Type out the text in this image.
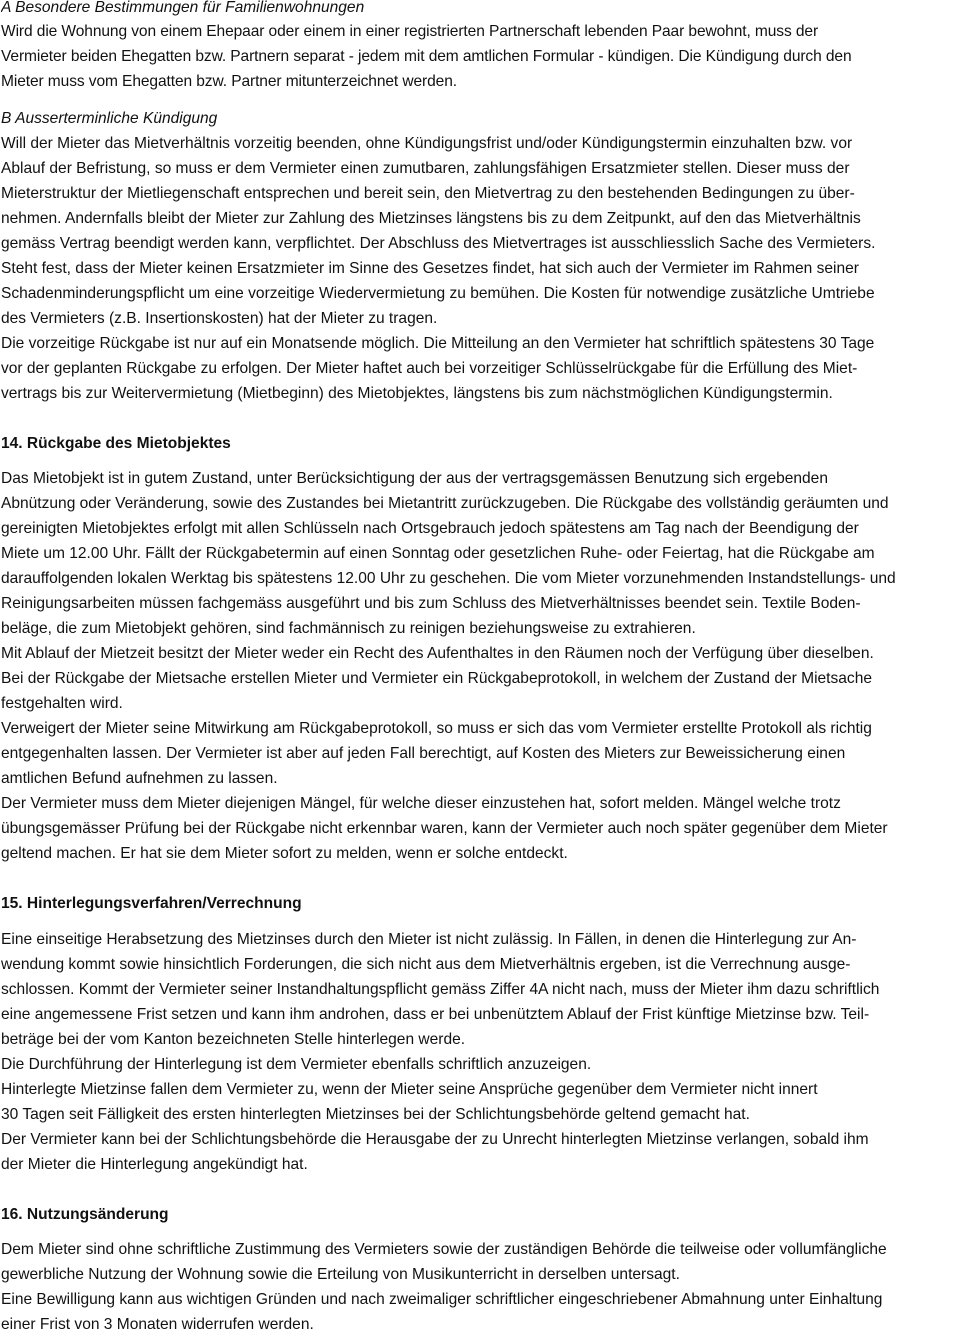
A Besondere Bestimmungen für Familienwohnungen
Wird die Wohnung von einem Ehepaar oder einem in einer registrierten Partnerschaft lebenden Paar bewohnt, muss der
Vermieter beiden Ehegatten bzw. Partnern separat - jedem mit dem amtlichen Formular - kündigen. Die Kündigung durch den
Mieter muss vom Ehegatten bzw. Partner mitunterzeichnet werden.
B Ausserterminliche Kündigung
Will der Mieter das Mietverhältnis vorzeitig beenden, ohne Kündigungsfrist und/oder Kündigungstermin einzuhalten bzw. vor
Ablauf der Befristung, so muss er dem Vermieter einen zumutbaren, zahlungsfähigen Ersatzmieter stellen. Dieser muss der
Mieterstruktur der Mietliegenschaft entsprechen und bereit sein, den Mietvertrag zu den bestehenden Bedingungen zu über-
nehmen. Andernfalls bleibt der Mieter zur Zahlung des Mietzinses längstens bis zu dem Zeitpunkt, auf den das Mietverhältnis
gemäss Vertrag beendigt werden kann, verpflichtet. Der Abschluss des Mietvertrages ist ausschliesslich Sache des Vermieters.
Steht fest, dass der Mieter keinen Ersatzmieter im Sinne des Gesetzes findet, hat sich auch der Vermieter im Rahmen seiner
Schadenminderungspflicht um eine vorzeitige Wiedervermietung zu bemühen. Die Kosten für notwendige zusätzliche Umtriebe
des Vermieters (z.B. Insertionskosten) hat der Mieter zu tragen.
Die vorzeitige Rückgabe ist nur auf ein Monatsende möglich. Die Mitteilung an den Vermieter hat schriftlich spätestens 30 Tage
vor der geplanten Rückgabe zu erfolgen. Der Mieter haftet auch bei vorzeitiger Schlüsselrückgabe für die Erfüllung des Miet-
vertrags bis zur Weitervermietung (Mietbeginn) des Mietobjektes, längstens bis zum nächstmöglichen Kündigungstermin.
14. Rückgabe des Mietobjektes
Das Mietobjekt ist in gutem Zustand, unter Berücksichtigung der aus der vertragsgemässen Benutzung sich ergebenden
Abnützung oder Veränderung, sowie des Zustandes bei Mietantritt zurückzugeben. Die Rückgabe des vollständig geräumten und
gereinigten Mietobjektes erfolgt mit allen Schlüsseln nach Ortsgebrauch jedoch spätestens am Tag nach der Beendigung der
Miete um 12.00 Uhr. Fällt der Rückgabetermin auf einen Sonntag oder gesetzlichen Ruhe- oder Feiertag, hat die Rückgabe am
darauffolgenden lokalen Werktag bis spätestens 12.00 Uhr zu geschehen. Die vom Mieter vorzunehmenden Instandstellungs- und
Reinigungsarbeiten müssen fachgemäss ausgeführt und bis zum Schluss des Mietverhältnisses beendet sein. Textile Boden-
beläge, die zum Mietobjekt gehören, sind fachmännisch zu reinigen beziehungsweise zu extrahieren.
Mit Ablauf der Mietzeit besitzt der Mieter weder ein Recht des Aufenthaltes in den Räumen noch der Verfügung über dieselben.
Bei der Rückgabe der Mietsache erstellen Mieter und Vermieter ein Rückgabeprotokoll, in welchem der Zustand der Mietsache
festgehalten wird.
Verweigert der Mieter seine Mitwirkung am Rückgabeprotokoll, so muss er sich das vom Vermieter erstellte Protokoll als richtig
entgegenhalten lassen. Der Vermieter ist aber auf jeden Fall berechtigt, auf Kosten des Mieters zur Beweissicherung einen
amtlichen Befund aufnehmen zu lassen.
Der Vermieter muss dem Mieter diejenigen Mängel, für welche dieser einzustehen hat, sofort melden. Mängel welche trotz
übungsgemässer Prüfung bei der Rückgabe nicht erkennbar waren, kann der Vermieter auch noch später gegenüber dem Mieter
geltend machen. Er hat sie dem Mieter sofort zu melden, wenn er solche entdeckt.
15. Hinterlegungsverfahren/Verrechnung
Eine einseitige Herabsetzung des Mietzinses durch den Mieter ist nicht zulässig. In Fällen, in denen die Hinterlegung zur An-
wendung kommt sowie hinsichtlich Forderungen, die sich nicht aus dem Mietverhältnis ergeben, ist die Verrechnung ausge-
schlossen. Kommt der Vermieter seiner Instandhaltungspflicht gemäss Ziffer 4A nicht nach, muss der Mieter ihm dazu schriftlich
eine angemessene Frist setzen und kann ihm androhen, dass er bei unbenütztem Ablauf der Frist künftige Mietzinse bzw. Teil-
beträge bei der vom Kanton bezeichneten Stelle hinterlegen werde.
Die Durchführung der Hinterlegung ist dem Vermieter ebenfalls schriftlich anzuzeigen.
Hinterlegte Mietzinse fallen dem Vermieter zu, wenn der Mieter seine Ansprüche gegenüber dem Vermieter nicht innert
30 Tagen seit Fälligkeit des ersten hinterlegten Mietzinses bei der Schlichtungsbehörde geltend gemacht hat.
Der Vermieter kann bei der Schlichtungsbehörde die Herausgabe der zu Unrecht hinterlegten Mietzinse verlangen, sobald ihm
der Mieter die Hinterlegung angekündigt hat.
16. Nutzungsänderung
Dem Mieter sind ohne schriftliche Zustimmung des Vermieters sowie der zuständigen Behörde die teilweise oder vollumfängliche
gewerbliche Nutzung der Wohnung sowie die Erteilung von Musikunterricht in derselben untersagt.
Eine Bewilligung kann aus wichtigen Gründen und nach zweimaliger schriftlicher eingeschriebener Abmahnung unter Einhaltung
einer Frist von 3 Monaten widerrufen werden.
